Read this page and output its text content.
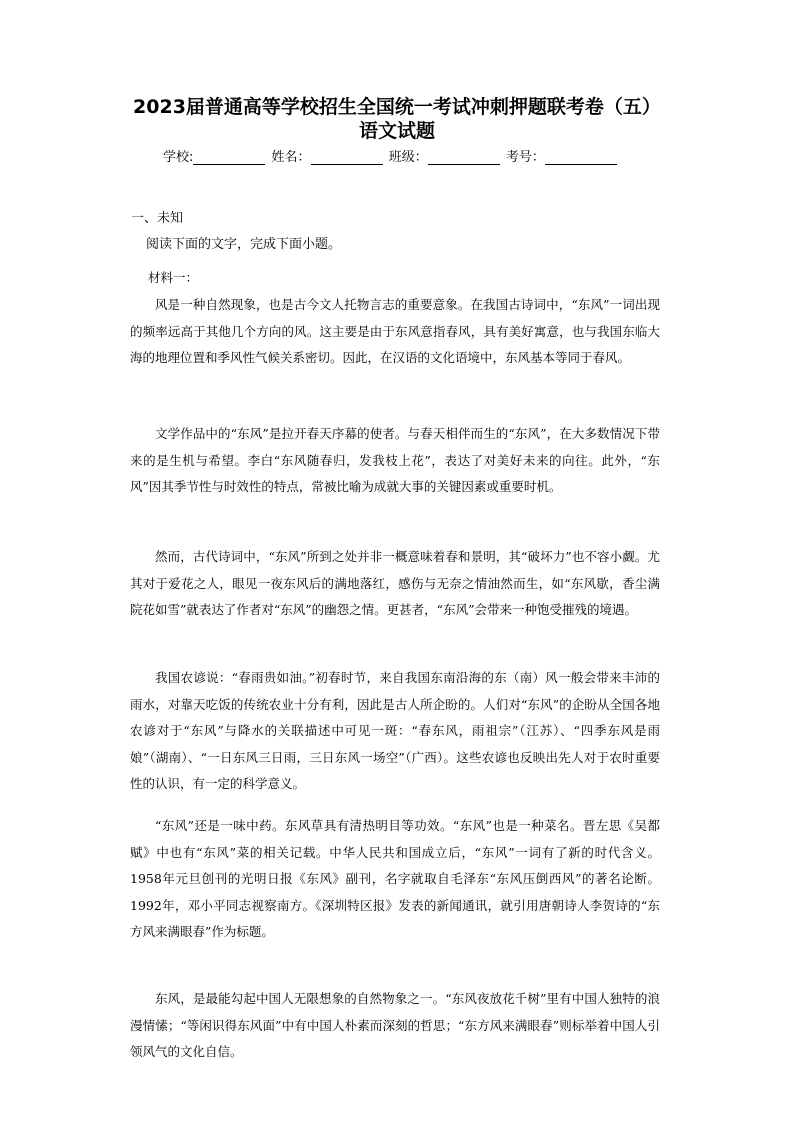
2023届普通高等学校招生全国统一考试冲刺押题联考卷（五）
语文试题
学校:	姓名：	班级：	考号：
一、未知
阅读下面的文字，完成下面小题。
材料一：

风是一种自然现象，也是古今文人托物言志的重要意象。在我国古诗词中，“东风”一词出现的频率远高于其他几个方向的风。这主要是由于东风意指春风，具有美好寓意，也与我国东临大海的地理位置和季风性气候关系密切。因此，在汉语的文化语境中，东风基本等同于春风。

文学作品中的“东风”是拉开春天序幕的使者。与春天相伴而生的“东风”，在大多数情况下带来的是生机与希望。李白“东风随春归，发我枝上花”，表达了对美好未来的向往。此外，“东风”因其季节性与时效性的特点，常被比喻为成就大事的关键因素或重要时机。

然而，古代诗词中，“东风”所到之处并非一概意味着春和景明，其“破坏力”也不容小觑。尤其对于爱花之人，眼见一夜东风后的满地落红，感伤与无奈之情油然而生，如“东风歇，香尘满院花如雪”就表达了作者对“东风”的幽怨之情。更甚者，“东风”会带来一种饱受摧残的境遇。

我国农谚说：“春雨贵如油。”初春时节，来自我国东南沿海的东（南）风一般会带来丰沛的雨水，对靠天吃饭的传统农业十分有利，因此是古人所企盼的。人们对“东风”的企盼从全国各地农谚对于“东风”与降水的关联描述中可见一斑：“春东风，雨祖宗”（江苏）、“四季东风是雨娘”（湖南）、“一日东风三日雨，三日东风一场空”（广西）。这些农谚也反映出先人对于农时重要性的认识，有一定的科学意义。

“东风”还是一味中药。东风草具有清热明目等功效。“东风”也是一种菜名。晋左思《吴都赋》中也有“东风”菜的相关记载。中华人民共和国成立后，“东风”一词有了新的时代含义。1958年元旦创刊的光明日报《东风》副刊，名字就取自毛泽东“东风压倒西风”的著名论断。1992年，邓小平同志视察南方。《深圳特区报》发表的新闻通讯，就引用唐朝诗人李贺诗的“东方风来满眼春”作为标题。

东风，是最能勾起中国人无限想象的自然物象之一。“东风夜放花千树”里有中国人独特的浪漫情愫；“等闲识得东风面”中有中国人朴素而深刻的哲思；“东方风来满眼春”则标举着中国人引领风气的文化自信。
